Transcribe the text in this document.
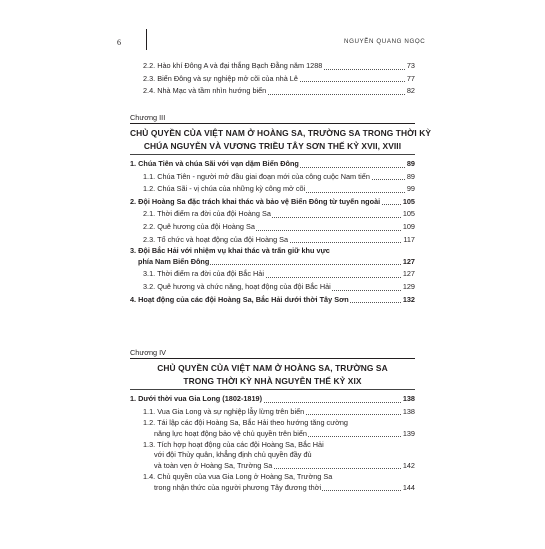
6	NGUYỄN QUANG NGỌC
2.2. Hào khí Đông A và đại thắng Bạch Đằng năm 1288	73
2.3. Biển Đông và sự nghiệp mở cõi của nhà Lê	77
2.4. Nhà Mạc và tầm nhìn hướng biển	82
Chương III
CHỦ QUYỀN CỦA VIỆT NAM Ở HOÀNG SA, TRƯỜNG SA TRONG THỜI KỲ
CHÚA NGUYỄN VÀ VƯƠNG TRIỀU TÂY SƠN THẾ KỶ XVII, XVIII
1. Chúa Tiên và chúa Sãi với vạn dặm Biển Đông	89
1.1. Chúa Tiên - người mở đầu giai đoạn mới của công cuộc Nam tiến	89
1.2. Chúa Sãi - vị chúa của những kỳ công mở cõi	99
2. Đội Hoàng Sa đặc trách khai thác và bảo vệ Biển Đông từ tuyến ngoài	105
2.1. Thời điểm ra đời của đội Hoàng Sa	105
2.2. Quê hương của đội Hoàng Sa	109
2.3. Tổ chức và hoạt động của đội Hoàng Sa	117
3. Đội Bắc Hải với nhiệm vụ khai thác và trấn giữ khu vực
phía Nam Biển Đông	127
3.1. Thời điểm ra đời của đội Bắc Hải	127
3.2. Quê hương và chức năng, hoạt động của đội Bắc Hải	129
4. Hoạt động của các đội Hoàng Sa, Bắc Hải dưới thời Tây Sơn	132
Chương IV
CHỦ QUYỀN CỦA VIỆT NAM Ở HOÀNG SA, TRƯỜNG SA
TRONG THỜI KỲ NHÀ NGUYỄN THẾ KỶ XIX
1. Dưới thời vua Gia Long (1802-1819)	138
1.1. Vua Gia Long và sự nghiệp lẫy lừng trên biển	138
1.2. Tái lập các đội Hoàng Sa, Bắc Hải theo hướng tăng cường
năng lực hoạt động bảo vệ chủ quyền trên biển	139
1.3. Tích hợp hoạt động của các đội Hoàng Sa, Bắc Hải
với đội Thủy quân, khẳng định chủ quyền đầy đủ
và toàn vẹn ở Hoàng Sa, Trường Sa	142
1.4. Chủ quyền của vua Gia Long ở Hoàng Sa, Trường Sa
trong nhận thức của người phương Tây đương thời	144
